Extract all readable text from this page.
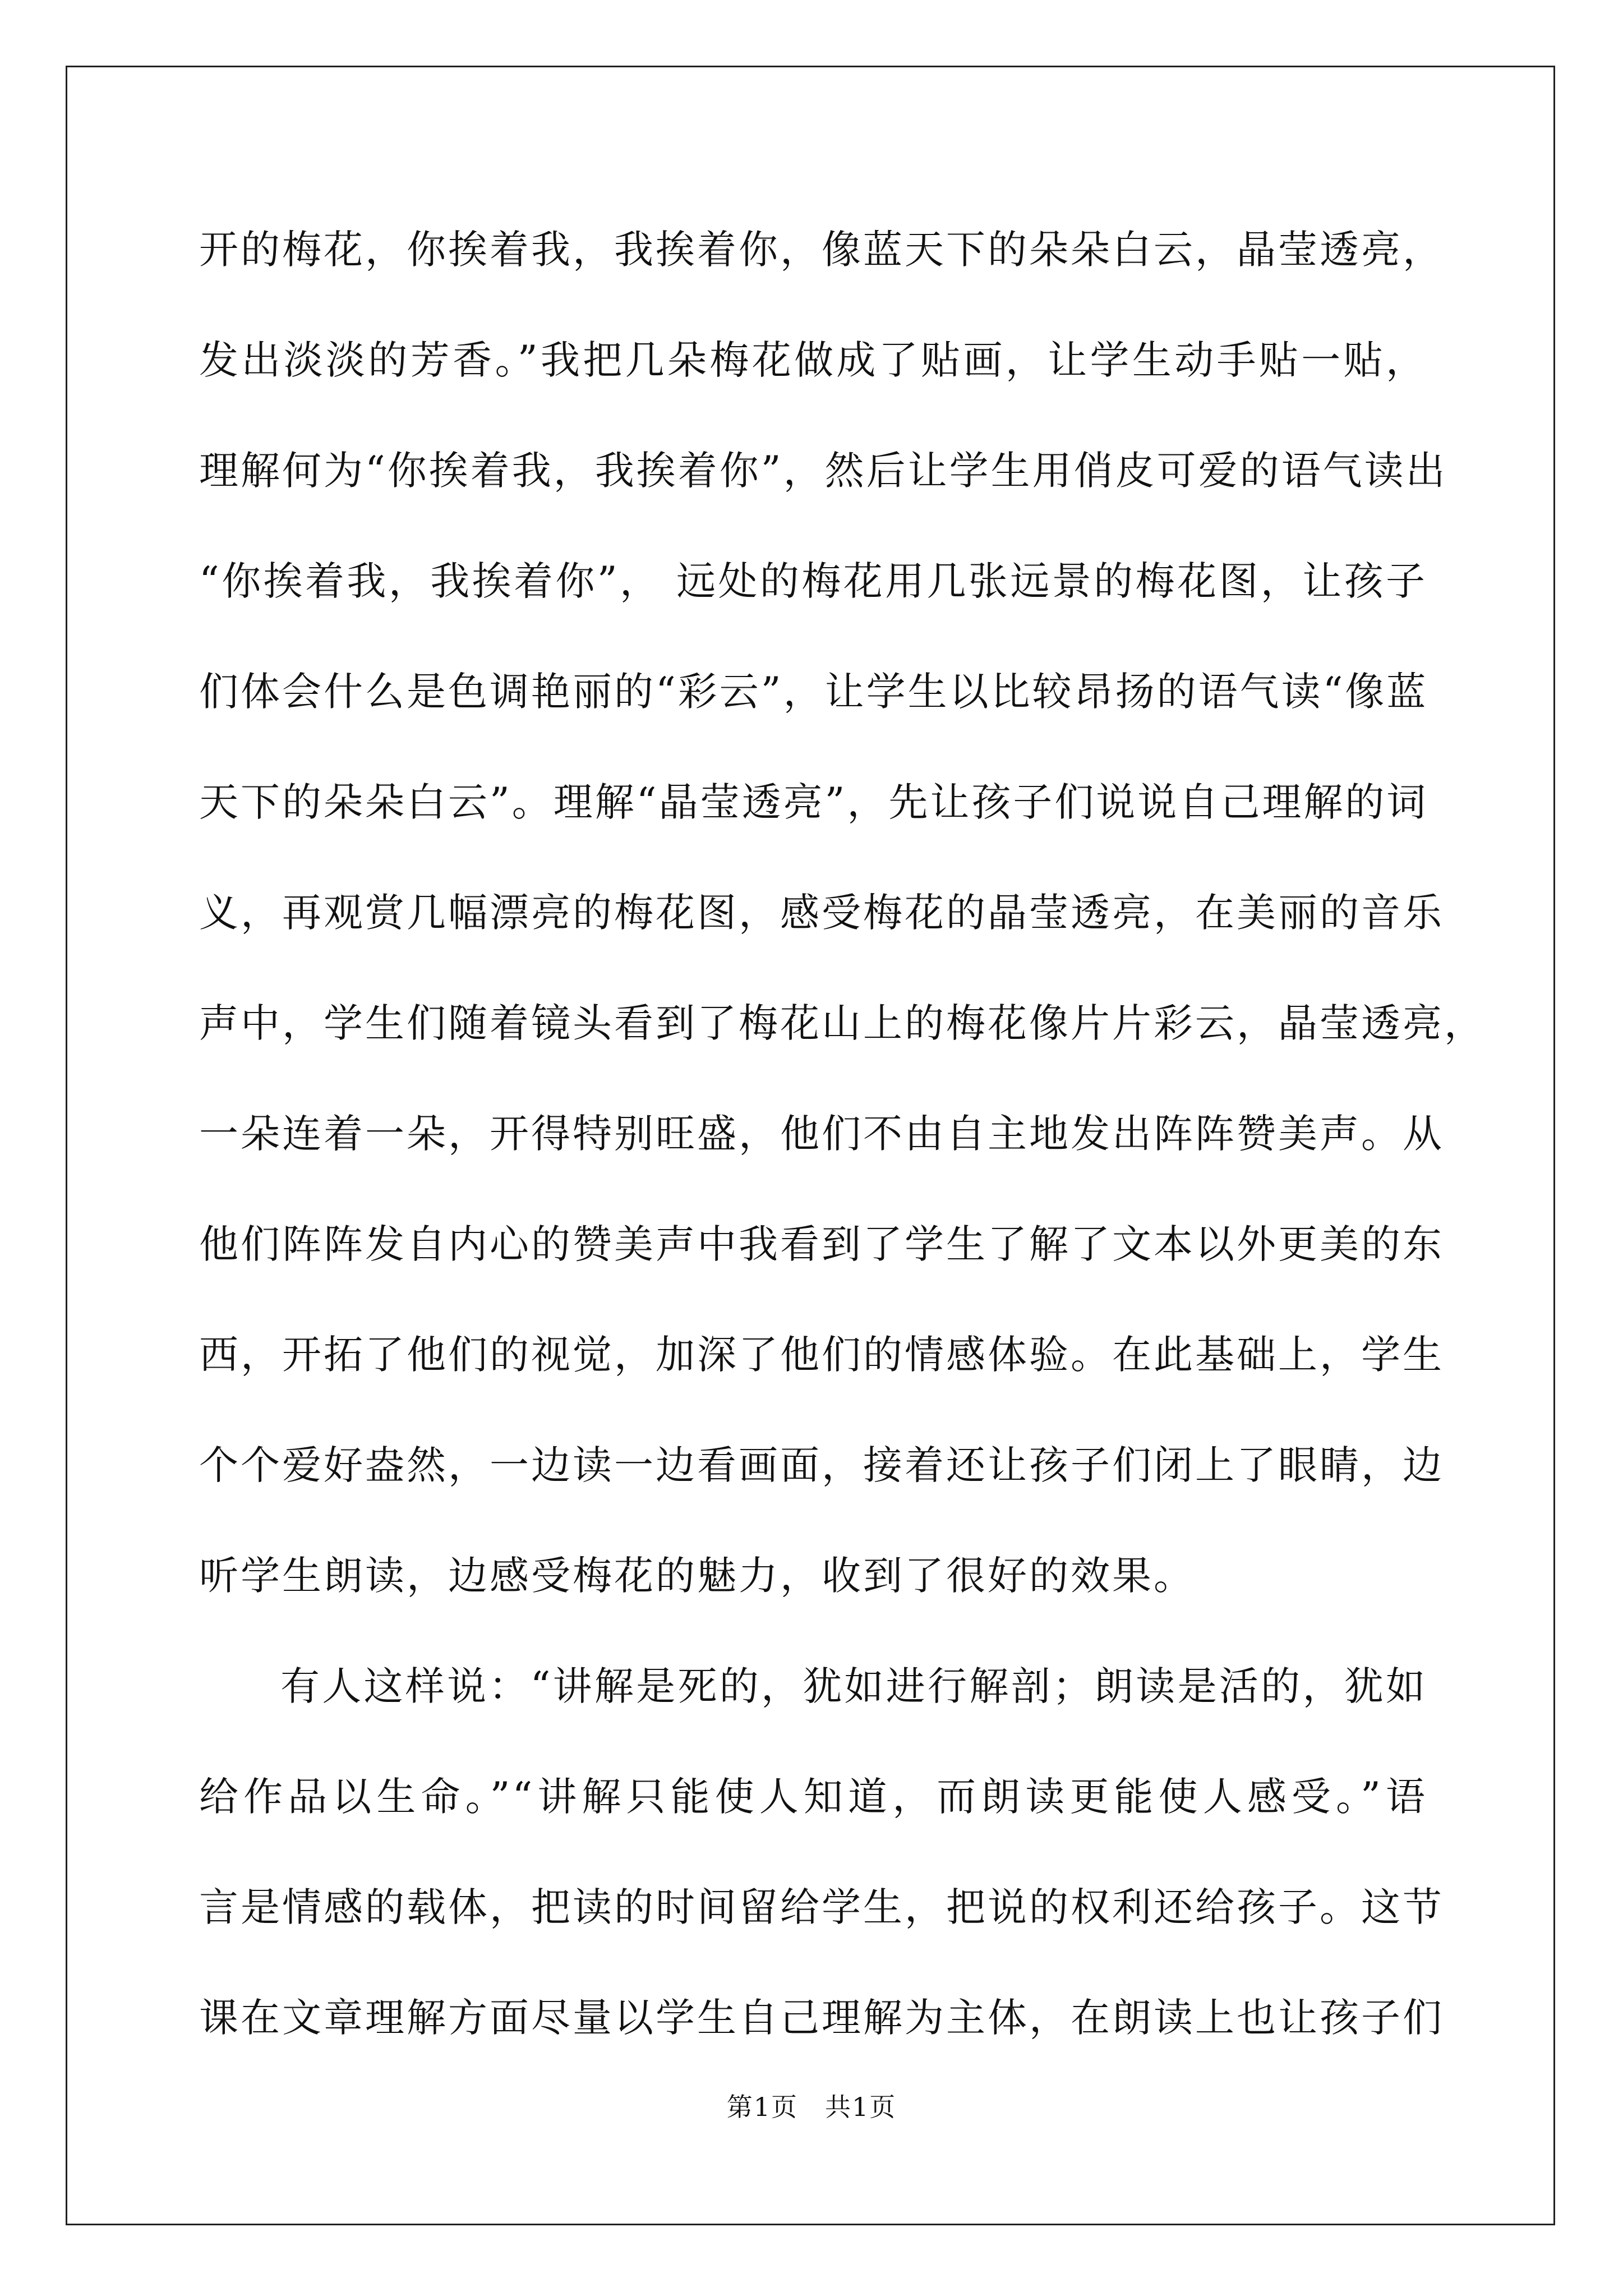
开的梅花，你挨着我，我挨着你，像蓝天下的朵朵白云，晶莹透亮，
发出淡淡的芳香。”我把几朵梅花做成了贴画，让学生动手贴一贴，
理解何为“你挨着我，我挨着你”，然后让学生用俏皮可爱的语气读出
“你挨着我，我挨着你”， 远处的梅花用几张远景的梅花图，让孩子
们体会什么是色调艳丽的“彩云”，让学生以比较昂扬的语气读“像蓝
天下的朵朵白云”。理解“晶莹透亮”，先让孩子们说说自己理解的词
义，再观赏几幅漂亮的梅花图，感受梅花的晶莹透亮，在美丽的音乐
声中，学生们随着镜头看到了梅花山上的梅花像片片彩云，晶莹透亮，
一朵连着一朵，开得特别旺盛，他们不由自主地发出阵阵赞美声。从
他们阵阵发自内心的赞美声中我看到了学生了解了文本以外更美的东
西，开拓了他们的视觉，加深了他们的情感体验。在此基础上，学生
个个爱好盎然，一边读一边看画面，接着还让孩子们闭上了眼睛，边
听学生朗读，边感受梅花的魅力，收到了很好的效果。
有人这样说：“讲解是死的，犹如进行解剖；朗读是活的，犹如
给作品以生命。”“讲解只能使人知道，而朗读更能使人感受。”语
言是情感的载体，把读的时间留给学生，把说的权利还给孩子。这节
课在文章理解方面尽量以学生自己理解为主体，在朗读上也让孩子们
第1页　共1页
